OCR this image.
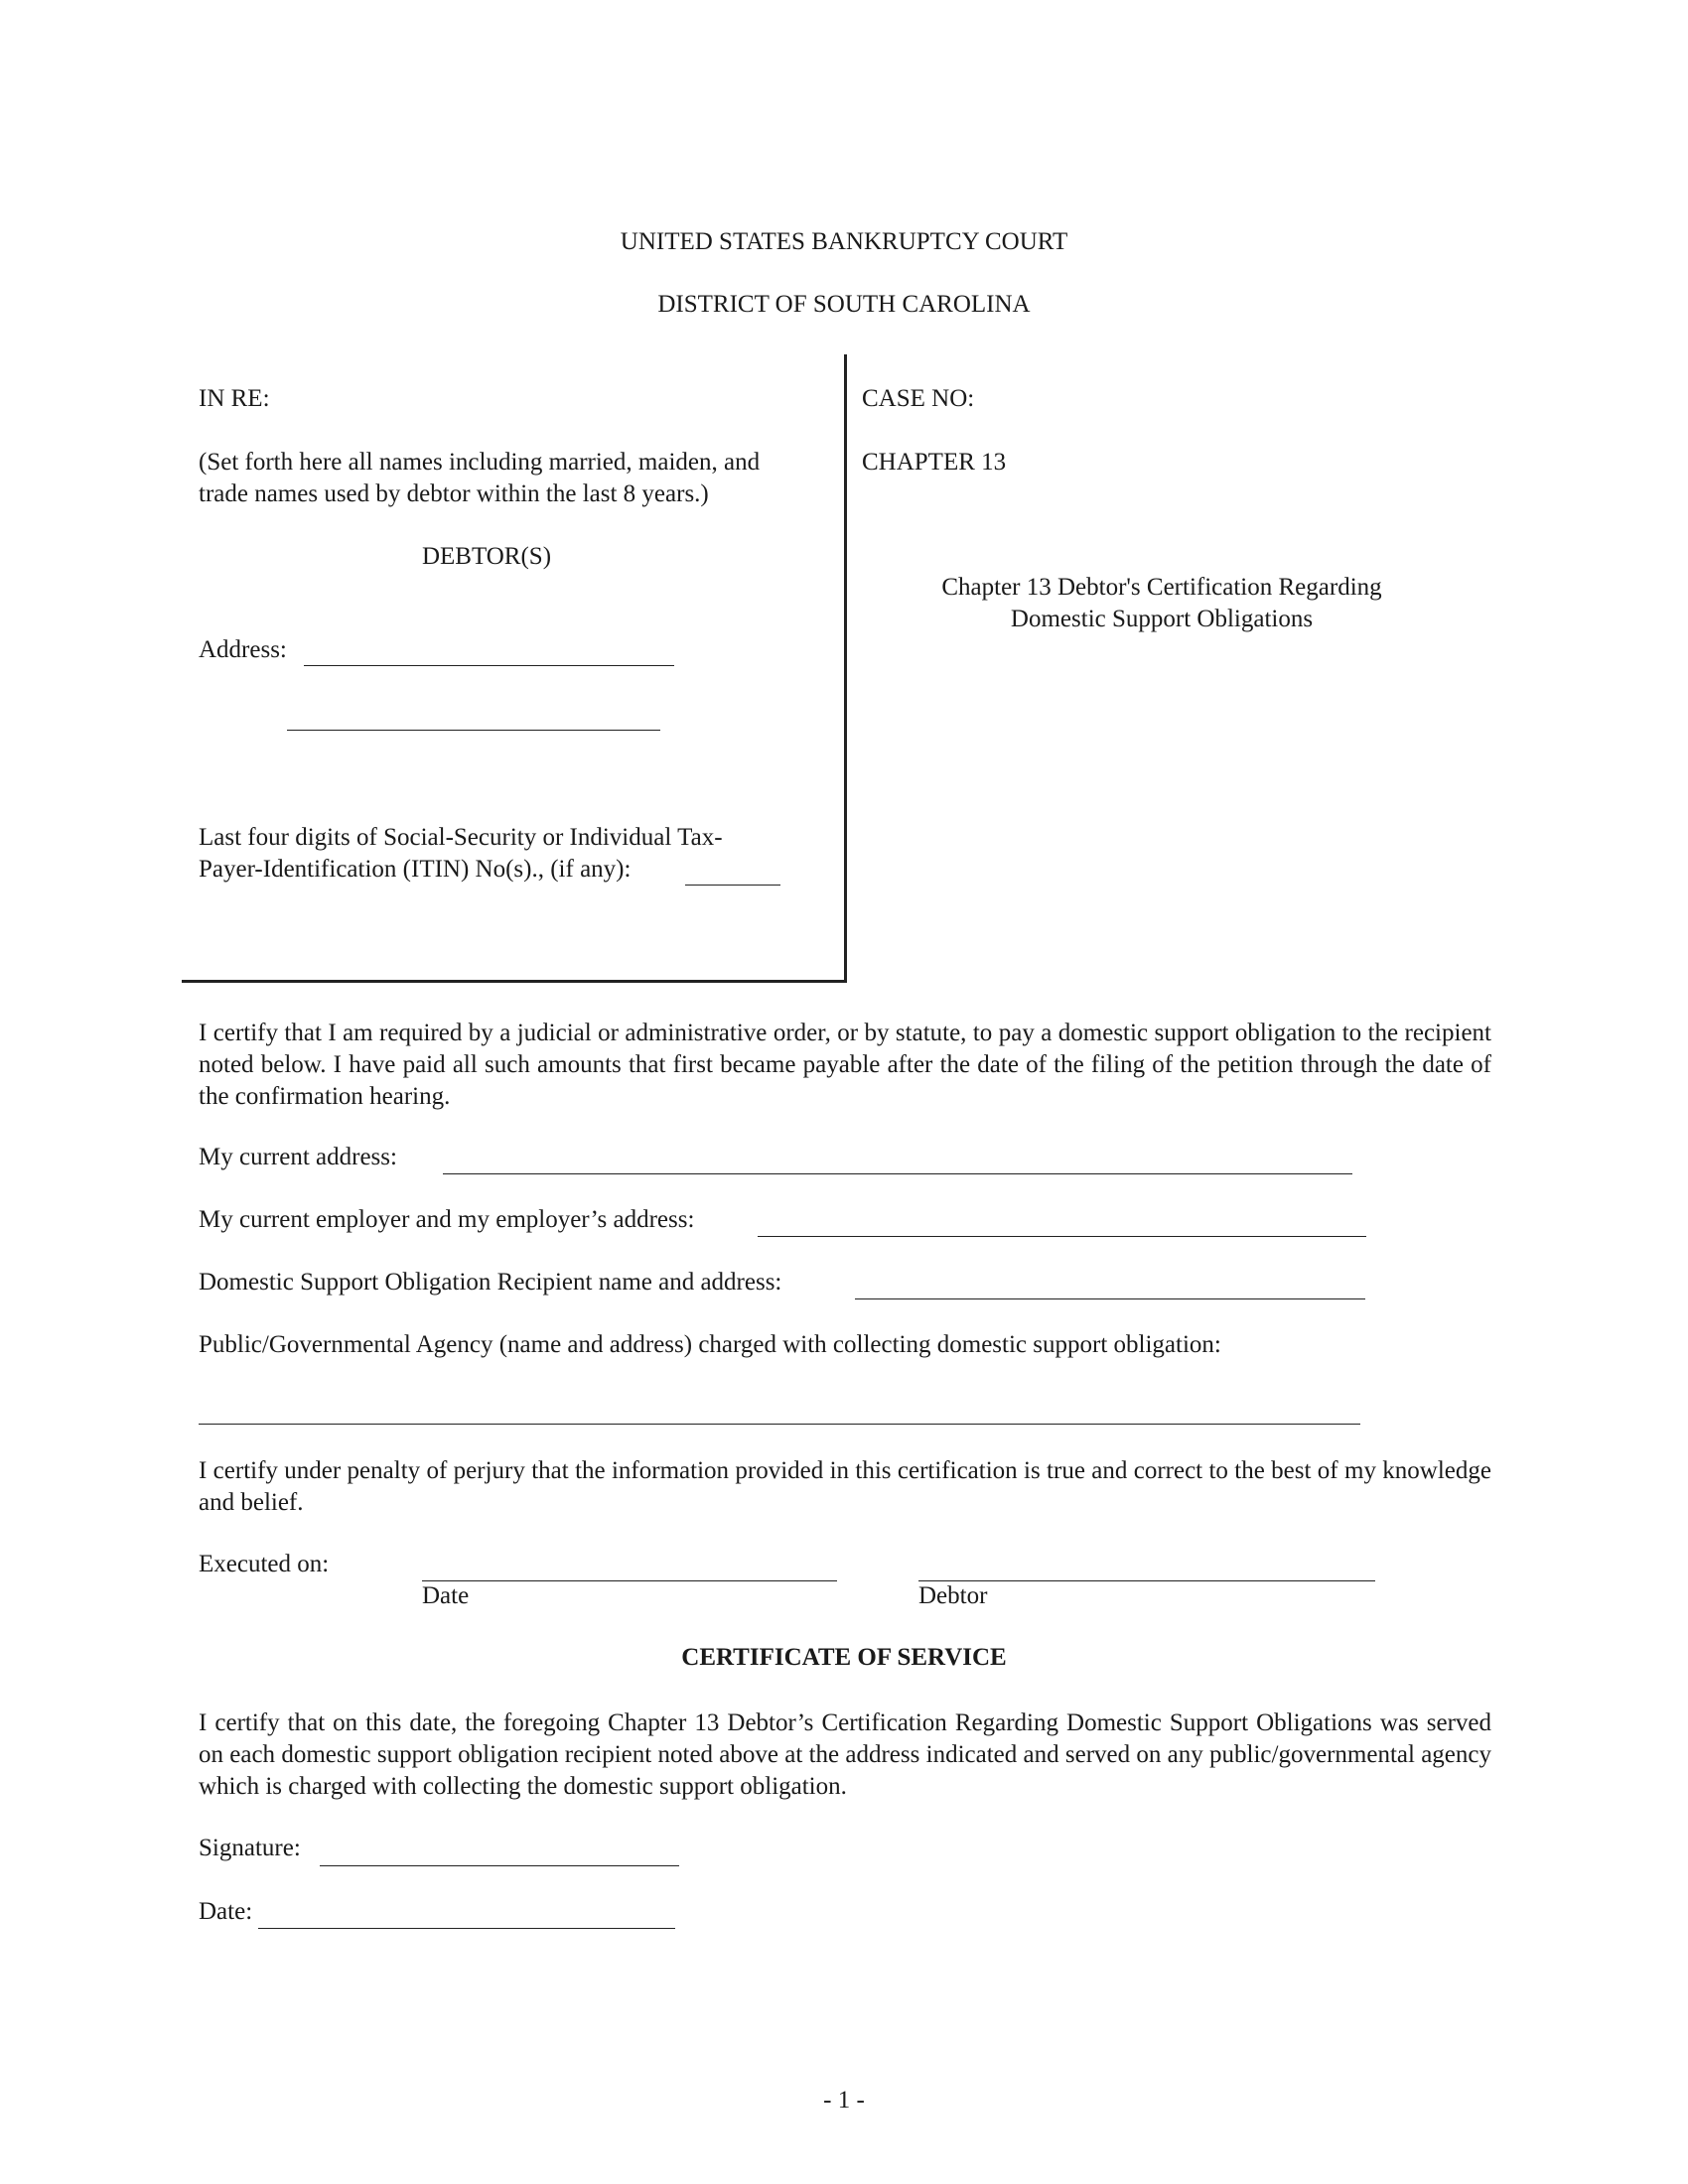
UNITED STATES BANKRUPTCY COURT
DISTRICT OF SOUTH CAROLINA
IN RE:
(Set forth here all names including married, maiden, and
trade names used by debtor within the last 8 years.)
DEBTOR(S)
Address:
Last four digits of Social-Security or Individual Tax-
Payer-Identification (ITIN) No(s)., (if any):
CASE NO:
CHAPTER 13
Chapter 13 Debtor's Certification Regarding
Domestic Support Obligations
I certify that I am required by a judicial or administrative order, or by statute, to pay a domestic support obligation to the recipient noted below. I have paid all such amounts that first became payable after the date of the filing of the petition through the date of the confirmation hearing.
My current address:
My current employer and my employer’s address:
Domestic Support Obligation Recipient name and address:
Public/Governmental Agency (name and address) charged with collecting domestic support obligation:
I certify under penalty of perjury that the information provided in this certification is true and correct to the best of my knowledge and belief.
Executed on:
Date	Debtor
CERTIFICATE OF SERVICE
I certify that on this date, the foregoing Chapter 13 Debtor’s Certification Regarding Domestic Support Obligations was served on each domestic support obligation recipient noted above at the address indicated and served on any public/governmental agency which is charged with collecting the domestic support obligation.
Signature:
Date:
- 1 -
